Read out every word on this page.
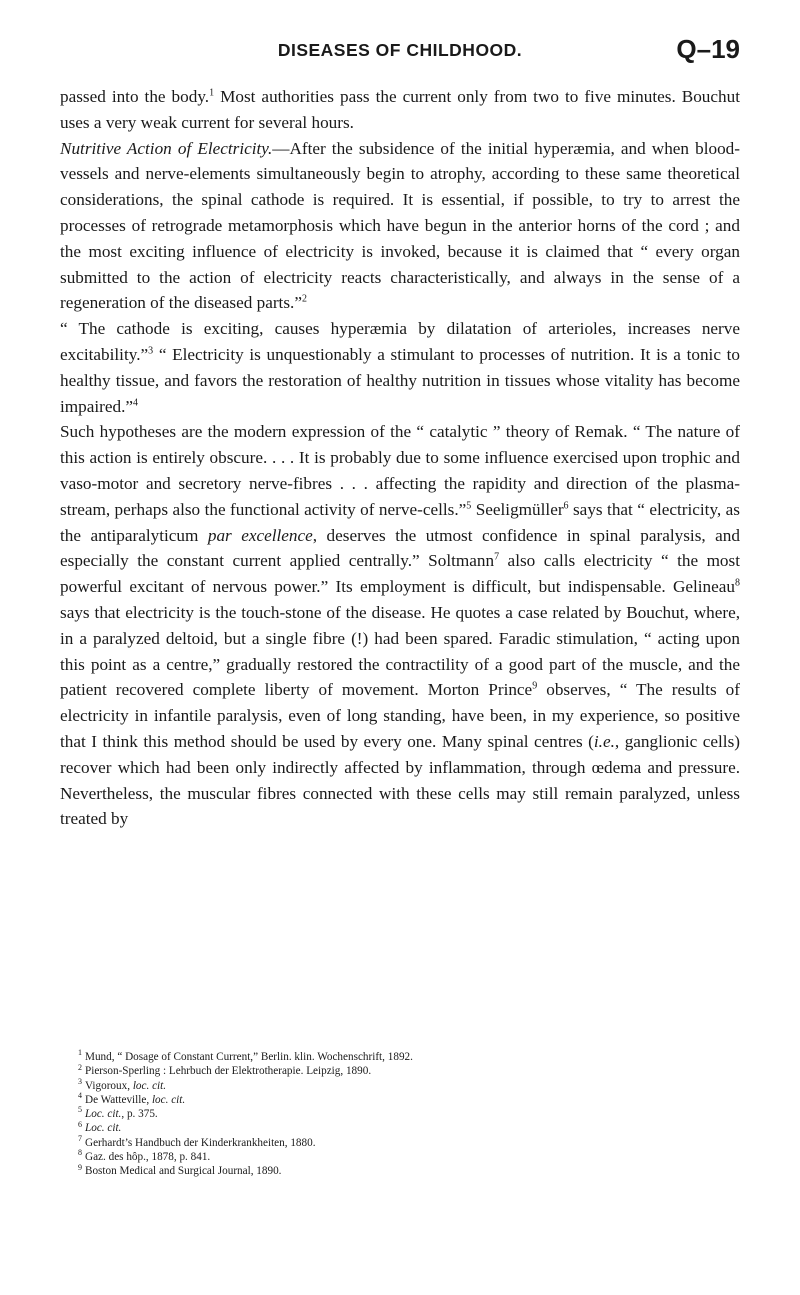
DISEASES OF CHILDHOOD.	Q–19

passed into the body.$^1$ Most authorities pass the current only from two to five minutes. Bouchut uses a very weak current for several hours.

Nutritive Action of Electricity.—After the subsidence of the initial hyperæmia, and when blood-vessels and nerve-elements simultaneously begin to atrophy, according to these same theoretical considerations, the spinal cathode is required. It is essential, if possible, to try to arrest the processes of retrograde metamorphosis which have begun in the anterior horns of the cord ; and the most exciting influence of electricity is invoked, because it is claimed that “ every organ submitted to the action of electricity reacts characteristically, and always in the sense of a regeneration of the diseased parts.”$^2$

“ The cathode is exciting, causes hyperæmia by dilatation of arterioles, increases nerve excitability.”$^3$ “ Electricity is unquestionably a stimulant to processes of nutrition. It is a tonic to healthy tissue, and favors the restoration of healthy nutrition in tissues whose vitality has become impaired.”$^4$

Such hypotheses are the modern expression of the “ catalytic ” theory of Remak. “ The nature of this action is entirely obscure. . . . It is probably due to some influence exercised upon trophic and vaso-motor and secretory nerve-fibres . . . affecting the rapidity and direction of the plasma-stream, perhaps also the functional activity of nerve-cells.”$^5$ Seeligmüller$^6$ says that “ electricity, as the antiparalyticum par excellence, deserves the utmost confidence in spinal paralysis, and especially the constant current applied centrally.” Soltmann$^7$ also calls electricity “ the most powerful excitant of nervous power.” Its employment is difficult, but indispensable. Gelineau$^8$ says that electricity is the touch-stone of the disease. He quotes a case related by Bouchut, where, in a paralyzed deltoid, but a single fibre (!) had been spared. Faradic stimulation, “ acting upon this point as a centre,” gradually restored the contractility of a good part of the muscle, and the patient recovered complete liberty of movement. Morton Prince$^9$ observes, “ The results of electricity in infantile paralysis, even of long standing, have been, in my experience, so positive that I think this method should be used by every one. Many spinal centres (i.e., ganglionic cells) recover which had been only indirectly affected by inflammation, through œdema and pressure. Nevertheless, the muscular fibres connected with these cells may still remain paralyzed, unless treated by

$^1$ Mund, “ Dosage of Constant Current,” Berlin. klin. Wochenschrift, 1892.
$^2$ Pierson-Sperling : Lehrbuch der Elektrotherapie. Leipzig, 1890.
$^3$ Vigoroux, loc. cit.
$^4$ De Watteville, loc. cit.
$^5$ Loc. cit., p. 375.
$^6$ Loc. cit.
$^7$ Gerhardt’s Handbuch der Kinderkrankheiten, 1880.
$^8$ Gaz. des hôp., 1878, p. 841.
$^9$ Boston Medical and Surgical Journal, 1890.
